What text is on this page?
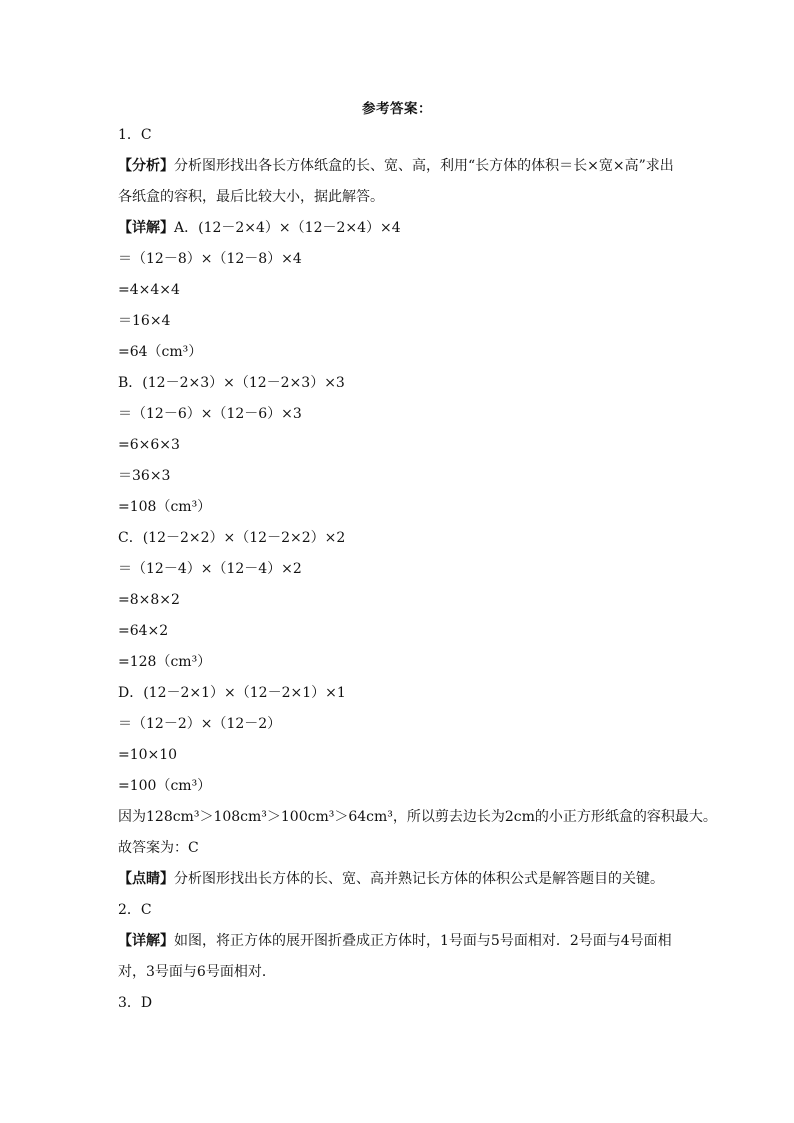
参考答案：
1．C
【分析】分析图形找出各长方体纸盒的长、宽、高，利用“长方体的体积＝长×宽×高”求出各纸盒的容积，最后比较大小，据此解答。
【详解】A．(12－2×4）×（12－2×4）×4
＝（12－8）×（12－8）×4
=4×4×4
＝16×4
=64（cm³）
B．(12－2×3）×（12－2×3）×3
＝（12－6）×（12－6）×3
=6×6×3
＝36×3
=108（cm³）
C．(12－2×2）×（12－2×2）×2
＝（12－4）×（12－4）×2
=8×8×2
=64×2
=128（cm³）
D．(12－2×1）×（12－2×1）×1
＝（12－2）×（12－2）
=10×10
=100（cm³）
因为128cm³＞108cm³＞100cm³＞64cm³，所以剪去边长为2cm的小正方形纸盒的容积最大。
故答案为：C
【点睛】分析图形找出长方体的长、宽、高并熟记长方体的体积公式是解答题目的关键。
2．C
【详解】如图，将正方体的展开图折叠成正方体时，1号面与5号面相对．2号面与4号面相对，3号面与6号面相对．
3．D
